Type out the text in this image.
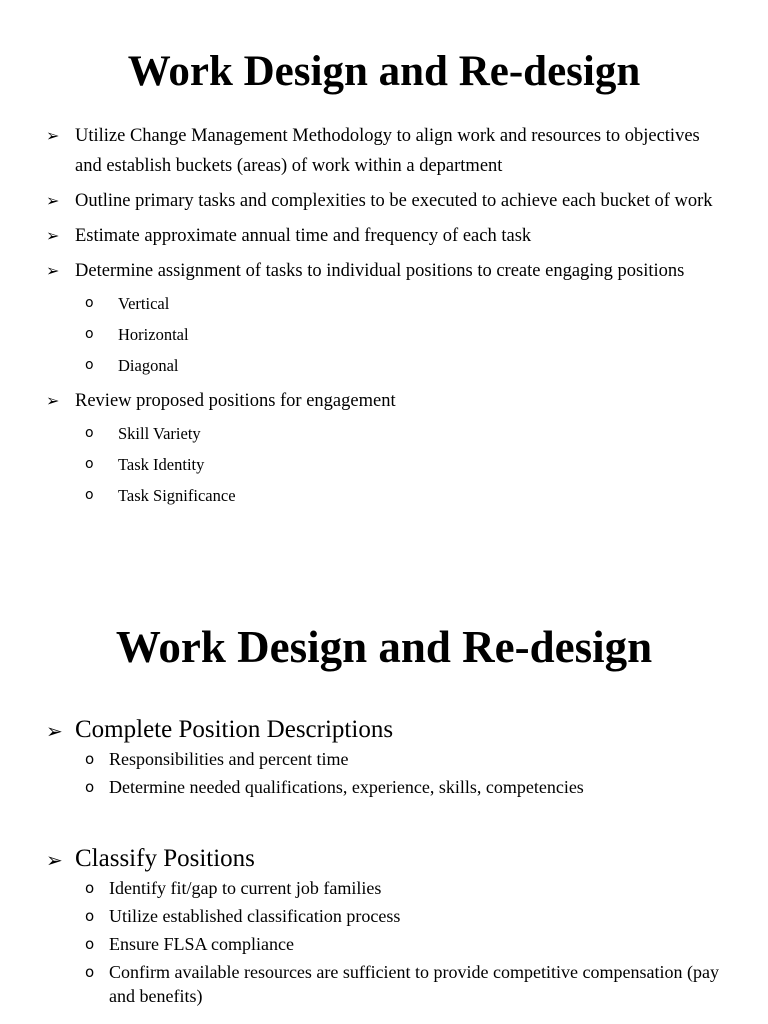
Work Design and Re-design
➢ Utilize Change Management Methodology to align work and resources to objectives and establish buckets (areas) of work within a department
➢ Outline primary tasks and complexities to be executed to achieve each bucket of work
➢ Estimate approximate annual time and frequency of each task
➢ Determine assignment of tasks to individual positions to create engaging positions
o Vertical
o Horizontal
o Diagonal
➢ Review proposed positions for engagement
o Skill Variety
o Task Identity
o Task Significance
Work Design and Re-design
➢ Complete Position Descriptions
o Responsibilities and percent time
o Determine needed qualifications, experience, skills, competencies
➢ Classify Positions
o Identify fit/gap to current job families
o Utilize established classification process
o Ensure FLSA compliance
o Confirm available resources are sufficient to provide competitive compensation (pay and benefits)
